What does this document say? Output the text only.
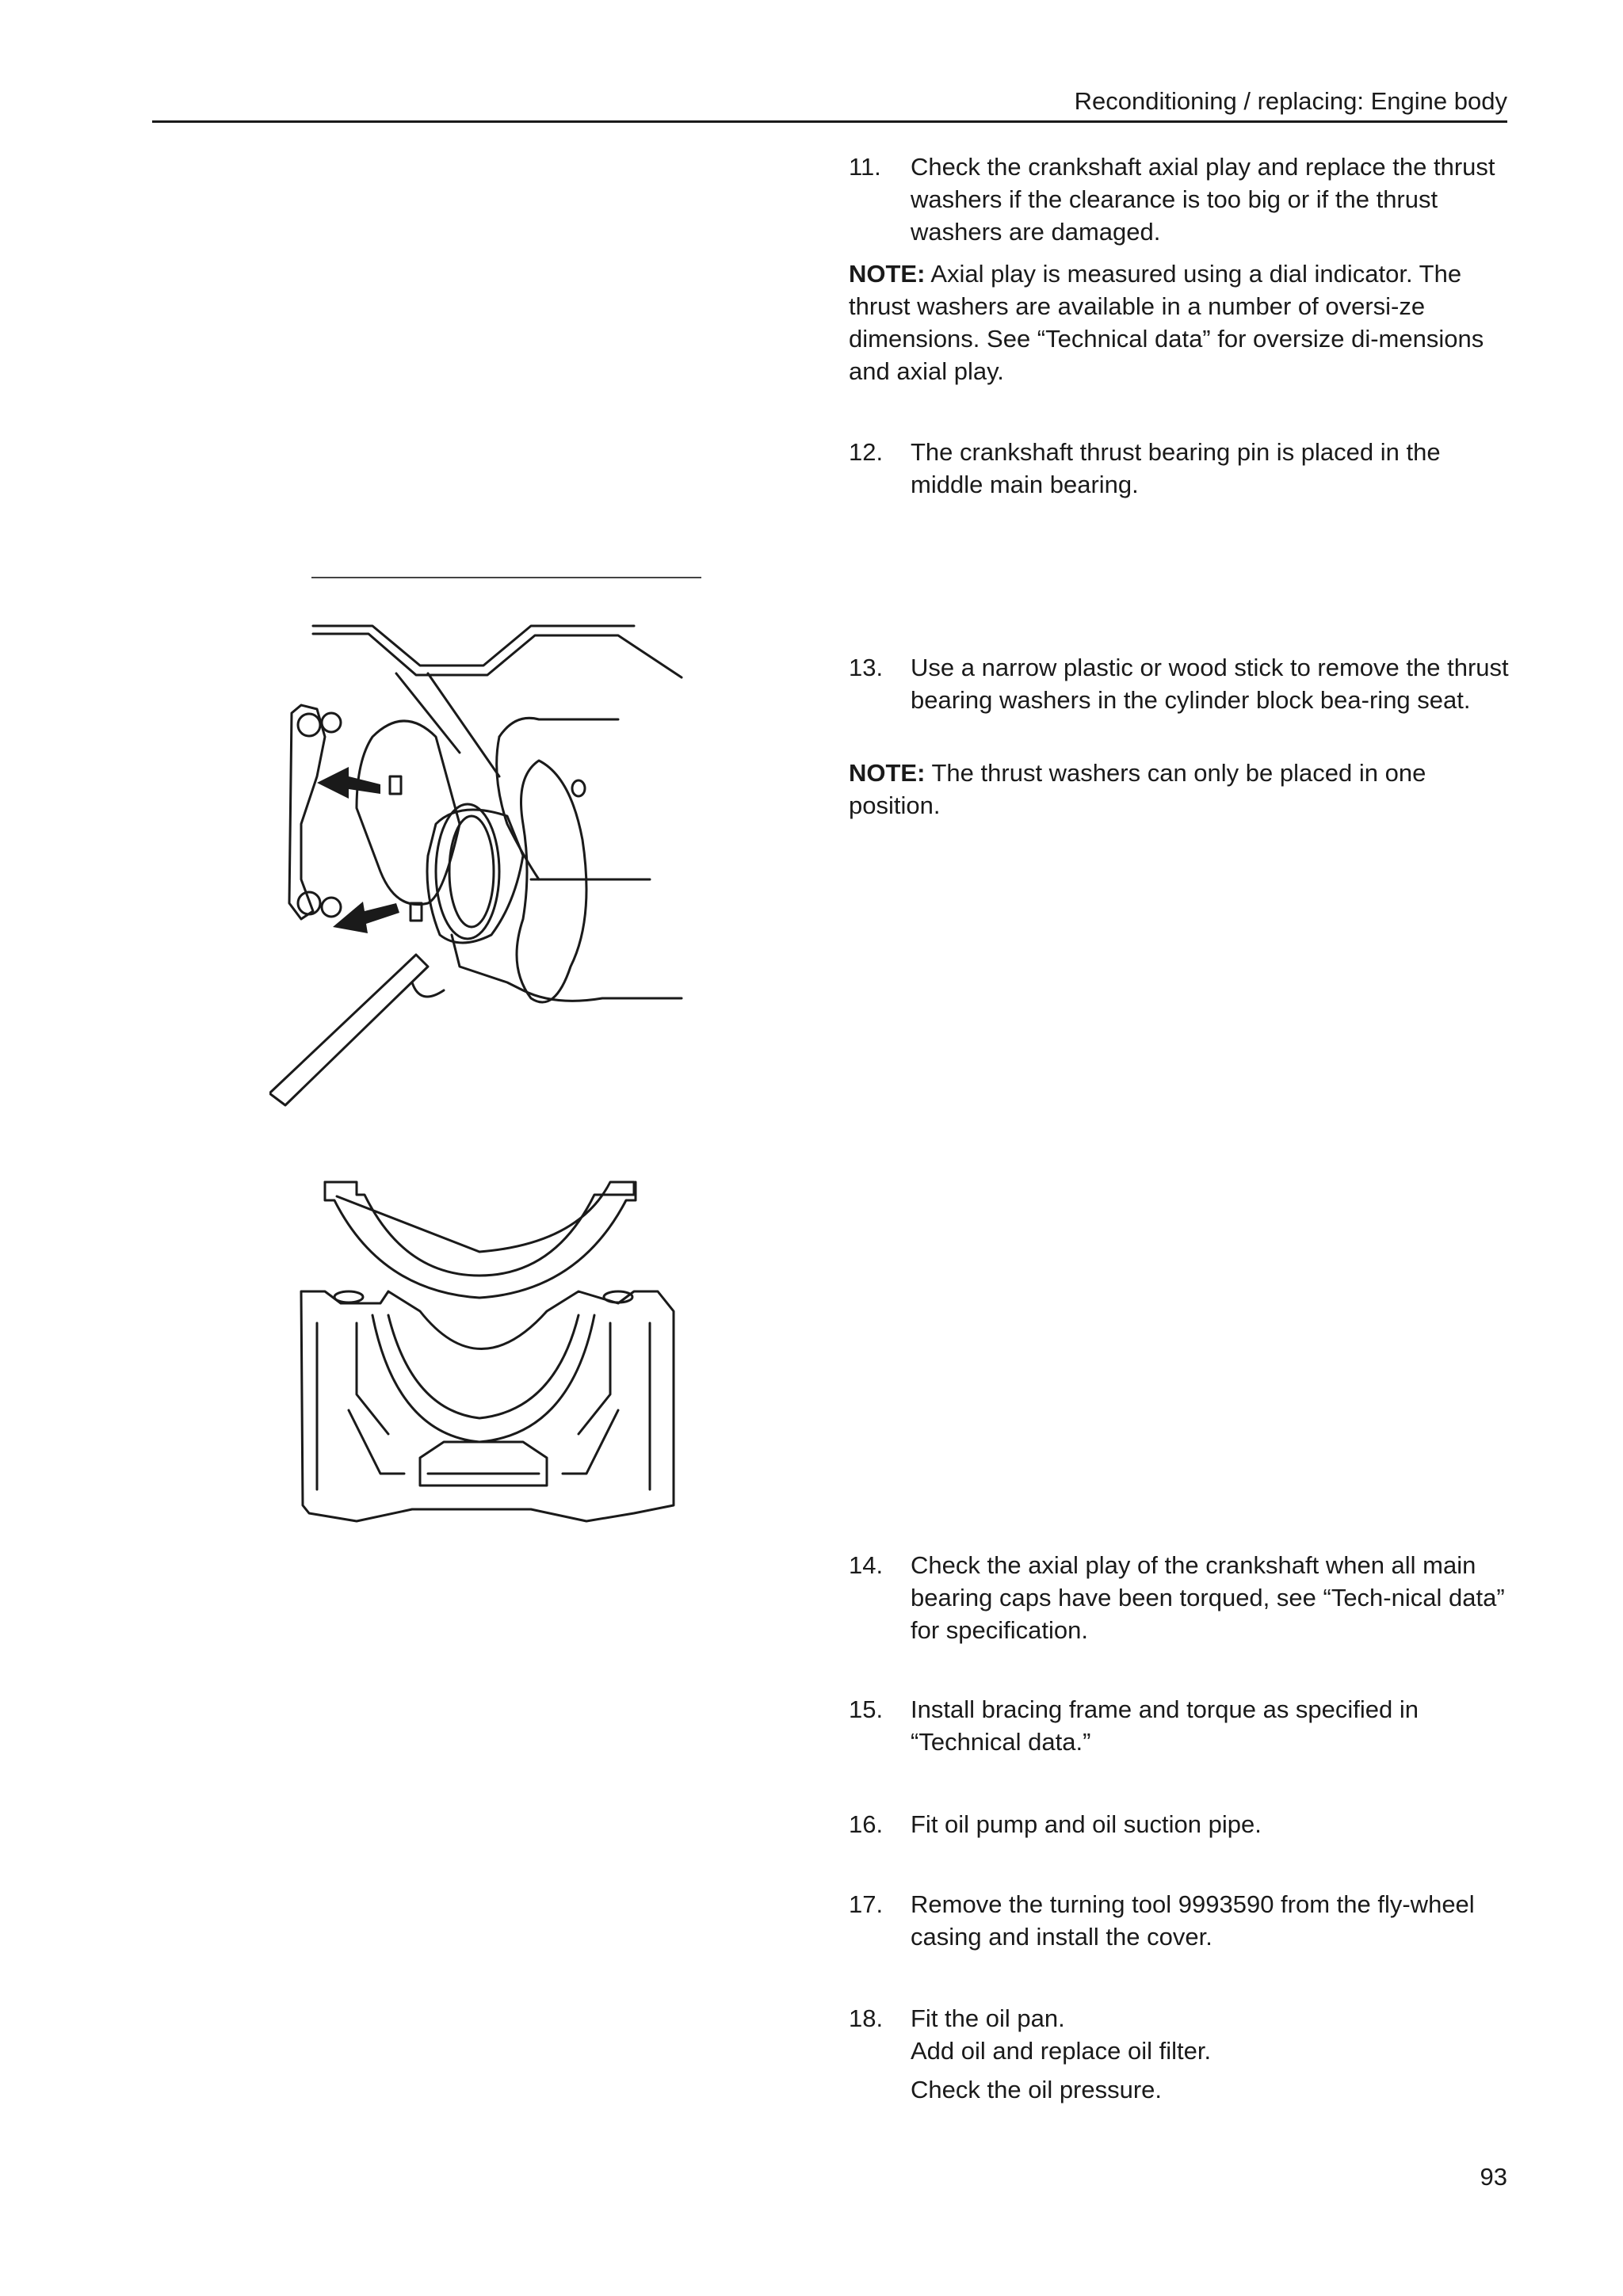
Reconditioning / replacing: Engine body
11.	Check the crankshaft axial play and replace the thrust washers if the clearance is too big or if the thrust washers are damaged.

NOTE: Axial play is measured using a dial indicator. The thrust washers are available in a number of oversi-ze dimensions. See “Technical data” for oversize di-mensions and axial play.
12.	The crankshaft thrust bearing pin is placed in the middle main bearing.

13.	Use a narrow plastic or wood stick to remove the thrust bearing washers in the cylinder block bea-ring seat.

NOTE: The thrust washers can only be placed in one position.
14.	Check the axial play of the crankshaft when all main bearing caps have been torqued, see “Tech-nical data” for specification.

15.	Install bracing frame and torque as specified in “Technical data.”

16.	Fit oil pump and oil suction pipe.

17.	Remove the turning tool 9993590 from the fly-wheel casing and install the cover.

18.	Fit the oil pan.
Add oil and replace oil filter.
Check the oil pressure.
93
